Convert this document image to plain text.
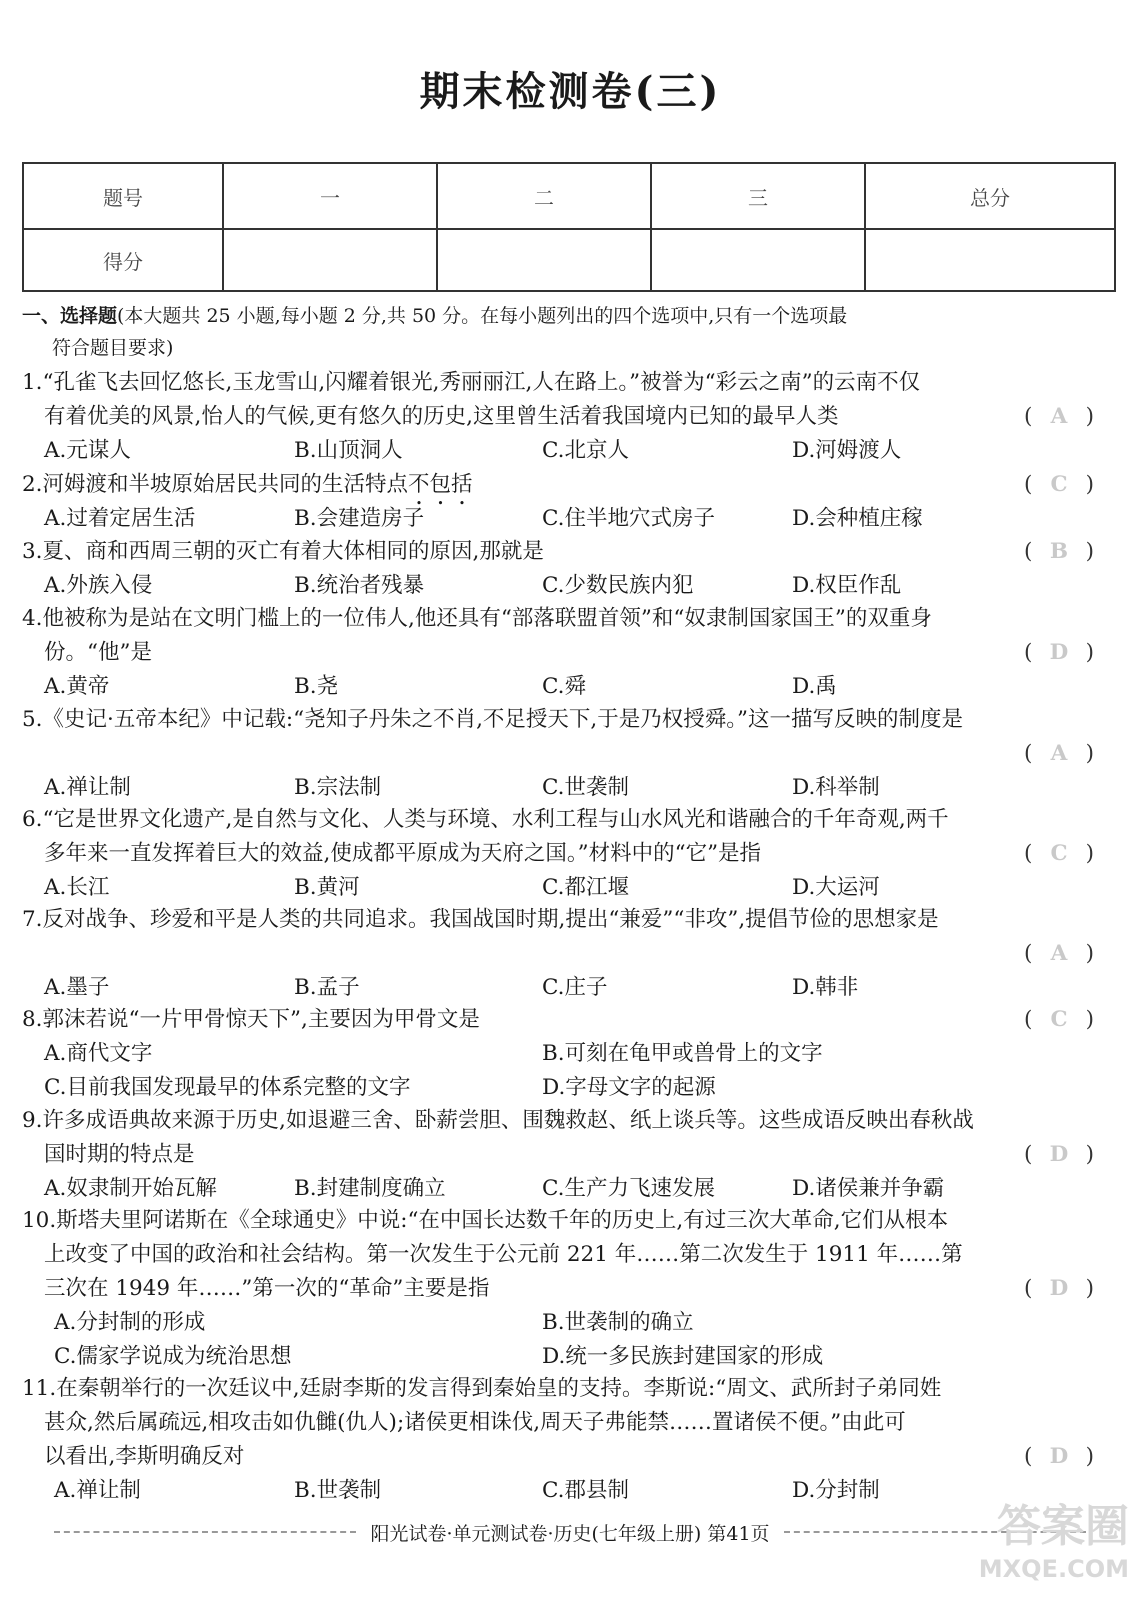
期末检测卷(三)
题号	一	二	三	总分
得分				
一、选择题(本大题共 25 小题,每小题 2 分,共 50 分。在每小题列出的四个选项中,只有一个选项最
符合题目要求)
1.“孔雀飞去回忆悠长,玉龙雪山,闪耀着银光,秀丽丽江,人在路上。”被誉为“彩云之南”的云南不仅
有着优美的风景,怡人的气候,更有悠久的历史,这里曾生活着我国境内已知的最早人类	( A )
A.元谋人	B.山顶洞人	C.北京人	D.河姆渡人
2.河姆渡和半坡原始居民共同的生活特点不包括	( C )
A.过着定居生活	B.会建造房子	C.住半地穴式房子	D.会种植庄稼
3.夏、商和西周三朝的灭亡有着大体相同的原因,那就是	( B )
A.外族入侵	B.统治者残暴	C.少数民族内犯	D.权臣作乱
4.他被称为是站在文明门槛上的一位伟人,他还具有“部落联盟首领”和“奴隶制国家国王”的双重身
份。“他”是	( D )
A.黄帝	B.尧	C.舜	D.禹
5.《史记·五帝本纪》中记载:“尧知子丹朱之不肖,不足授天下,于是乃权授舜。”这一描写反映的制度是
( A )
A.禅让制	B.宗法制	C.世袭制	D.科举制
6.“它是世界文化遗产,是自然与文化、人类与环境、水利工程与山水风光和谐融合的千年奇观,两千
多年来一直发挥着巨大的效益,使成都平原成为天府之国。”材料中的“它”是指	( C )
A.长江	B.黄河	C.都江堰	D.大运河
7.反对战争、珍爱和平是人类的共同追求。我国战国时期,提出“兼爱”“非攻”,提倡节俭的思想家是
( A )
A.墨子	B.孟子	C.庄子	D.韩非
8.郭沫若说“一片甲骨惊天下”,主要因为甲骨文是	( C )
A.商代文字	B.可刻在龟甲或兽骨上的文字
C.目前我国发现最早的体系完整的文字	D.字母文字的起源
9.许多成语典故来源于历史,如退避三舍、卧薪尝胆、围魏救赵、纸上谈兵等。这些成语反映出春秋战
国时期的特点是	( D )
A.奴隶制开始瓦解	B.封建制度确立	C.生产力飞速发展	D.诸侯兼并争霸
10.斯塔夫里阿诺斯在《全球通史》中说:“在中国长达数千年的历史上,有过三次大革命,它们从根本
上改变了中国的政治和社会结构。第一次发生于公元前 221 年……第二次发生于 1911 年……第
三次在 1949 年……”第一次的“革命”主要是指	( D )
A.分封制的形成	B.世袭制的确立
C.儒家学说成为统治思想	D.统一多民族封建国家的形成
11.在秦朝举行的一次廷议中,廷尉李斯的发言得到秦始皇的支持。李斯说:“周文、武所封子弟同姓
甚众,然后属疏远,相攻击如仇雠(仇人);诸侯更相诛伐,周天子弗能禁……置诸侯不便。”由此可
以看出,李斯明确反对	( D )
A.禅让制	B.世袭制	C.郡县制	D.分封制
阳光试卷·单元测试卷·历史(七年级上册) 第41页	答案圈
MXQE.COM
